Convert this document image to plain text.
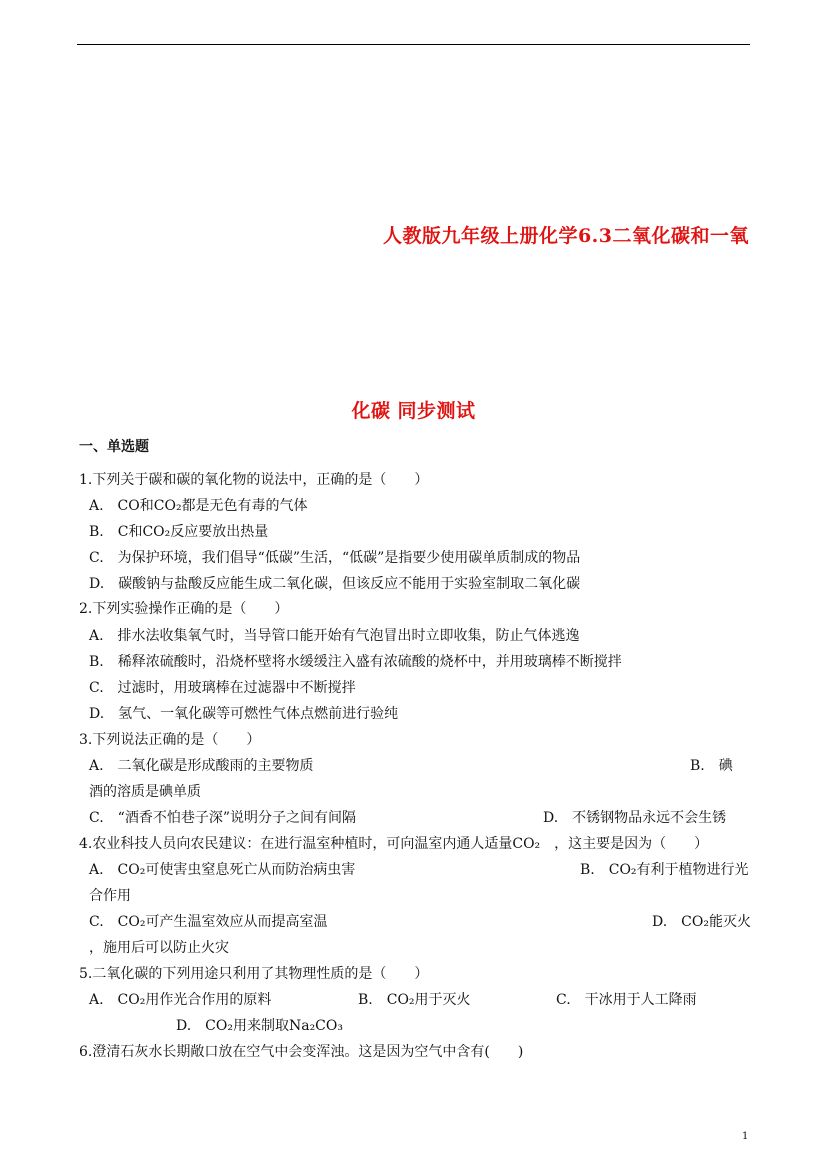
人教版九年级上册化学6.3二氧化碳和一氧
化碳 同步测试
一、单选题
1.下列关于碳和碳的氧化物的说法中，正确的是（　　）
A.　CO和CO₂都是无色有毒的气体
B.　C和CO₂反应要放出热量
C.　为保护环境，我们倡导“低碳”生活，“低碳”是指要少使用碳单质制成的物品
D.　碳酸钠与盐酸反应能生成二氧化碳，但该反应不能用于实验室制取二氧化碳
2.下列实验操作正确的是（　　）
A.　排水法收集氧气时，当导管口能开始有气泡冒出时立即收集，防止气体逃逸
B.　稀释浓硫酸时，沿烧杯壁将水缓缓注入盛有浓硫酸的烧杯中，并用玻璃棒不断搅拌
C.　过滤时，用玻璃棒在过滤器中不断搅拌
D.　氢气、一氧化碳等可燃性气体点燃前进行验纯
3.下列说法正确的是（　　）
A.　二氧化碳是形成酸雨的主要物质	B.　碘
酒的溶质是碘单质
C.　“酒香不怕巷子深”说明分子之间有间隔	D.　不锈钢物品永远不会生锈
4.农业科技人员向农民建议：在进行温室种植时，可向温室内通人适量CO₂　，这主要是因为（　　）
A.　CO₂可使害虫窒息死亡从而防治病虫害	B.　CO₂有利于植物进行光
合作用
C.　CO₂可产生温室效应从而提高室温	D.　CO₂能灭火
，施用后可以防止火灾
5.二氧化碳的下列用途只利用了其物理性质的是（　　）
A.　CO₂用作光合作用的原料	B.　CO₂用于灭火	C.　干冰用于人工降雨
D.　CO₂用来制取Na₂CO₃
6.澄清石灰水长期敞口放在空气中会变浑浊。这是因为空气中含有(　　)
1
